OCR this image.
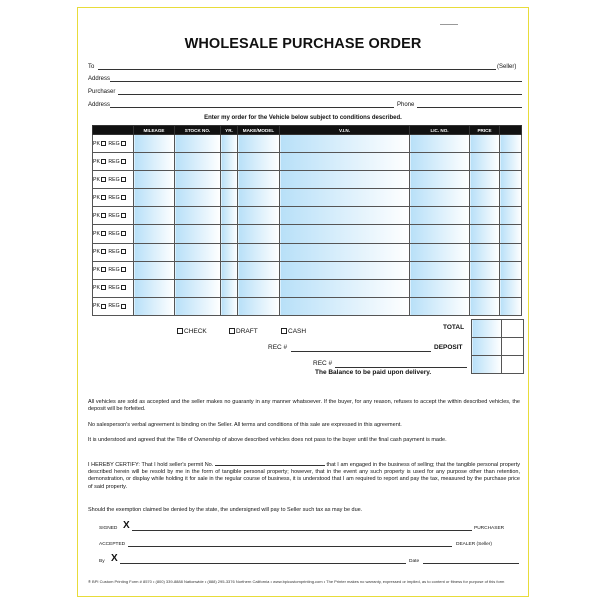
WHOLESALE PURCHASE ORDER
To	(Seller)
Address
Purchaser
Address	Phone
Enter my order for the Vehicle below subject to conditions described.
	MILEAGE	STOCK NO.	YR.	MAKE/MODEL	V.I.N.	LIC. NO.	PRICE	
PK REG								
PK REG								
PK REG								
PK REG								
PK REG								
PK REG								
PK REG								
PK REG								
PK REG								
PK REG								
CHECK	DRAFT	CASH
TOTAL
REC #	DEPOSIT
REC #
The Balance to be paid upon delivery.

All vehicles are sold as accepted and the seller makes no guaranty in any manner whatsoever. If the buyer, for any reason, refuses to accept the within described vehicles, the deposit will be forfeited.
No salesperson's verbal agreement is binding on the Seller. All terms and conditions of this sale are expressed in this agreement.
It is understood and agreed that the Title of Ownership of above described vehicles does not pass to the buyer until the final cash payment is made.
I HEREBY CERTIFY: That I hold seller's permit No.	that I am engaged in the business of selling; that the tangible personal property described herein will be resold by me in the form of tangible personal property; however, that in the event any such property is used for any purpose other than retention, demonstration, or display while holding it for sale in the regular course of business, it is understood that I am required to report and pay the tax, measured by the purchase price of said property.
Should the exemption claimed be denied by the state, the undersigned will pay to Seller such tax as may be due.
SIGNED X	PURCHASER
ACCEPTED	DEALER (Seller)
By X	Date
® BPI Custom Printing Form # 8570 • (800) 339-8888 Nationwide • (888) 295-3376 Northern California • www.bpicustomprinting.com • The Printer makes no warranty, expressed or implied, as to content or fitness for purpose of this form
